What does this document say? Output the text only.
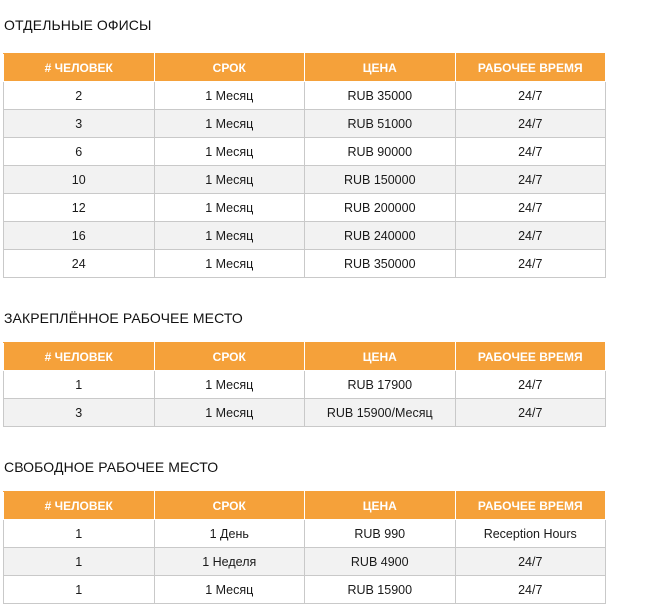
ОТДЕЛЬНЫЕ ОФИСЫ
# ЧЕЛОВЕК	СРОК	ЦЕНА	РАБОЧЕЕ ВРЕМЯ
2	1 Месяц	RUB 35000	24/7
3	1 Месяц	RUB 51000	24/7
6	1 Месяц	RUB 90000	24/7
10	1 Месяц	RUB 150000	24/7
12	1 Месяц	RUB 200000	24/7
16	1 Месяц	RUB 240000	24/7
24	1 Месяц	RUB 350000	24/7
ЗАКРЕПЛЁННОЕ РАБОЧЕЕ МЕСТО
# ЧЕЛОВЕК	СРОК	ЦЕНА	РАБОЧЕЕ ВРЕМЯ
1	1 Месяц	RUB 17900	24/7
3	1 Месяц	RUB 15900/Месяц	24/7
СВОБОДНОЕ РАБОЧЕЕ МЕСТО
# ЧЕЛОВЕК	СРОК	ЦЕНА	РАБОЧЕЕ ВРЕМЯ
1	1 День	RUB 990	Reception Hours
1	1 Неделя	RUB 4900	24/7
1	1 Месяц	RUB 15900	24/7
